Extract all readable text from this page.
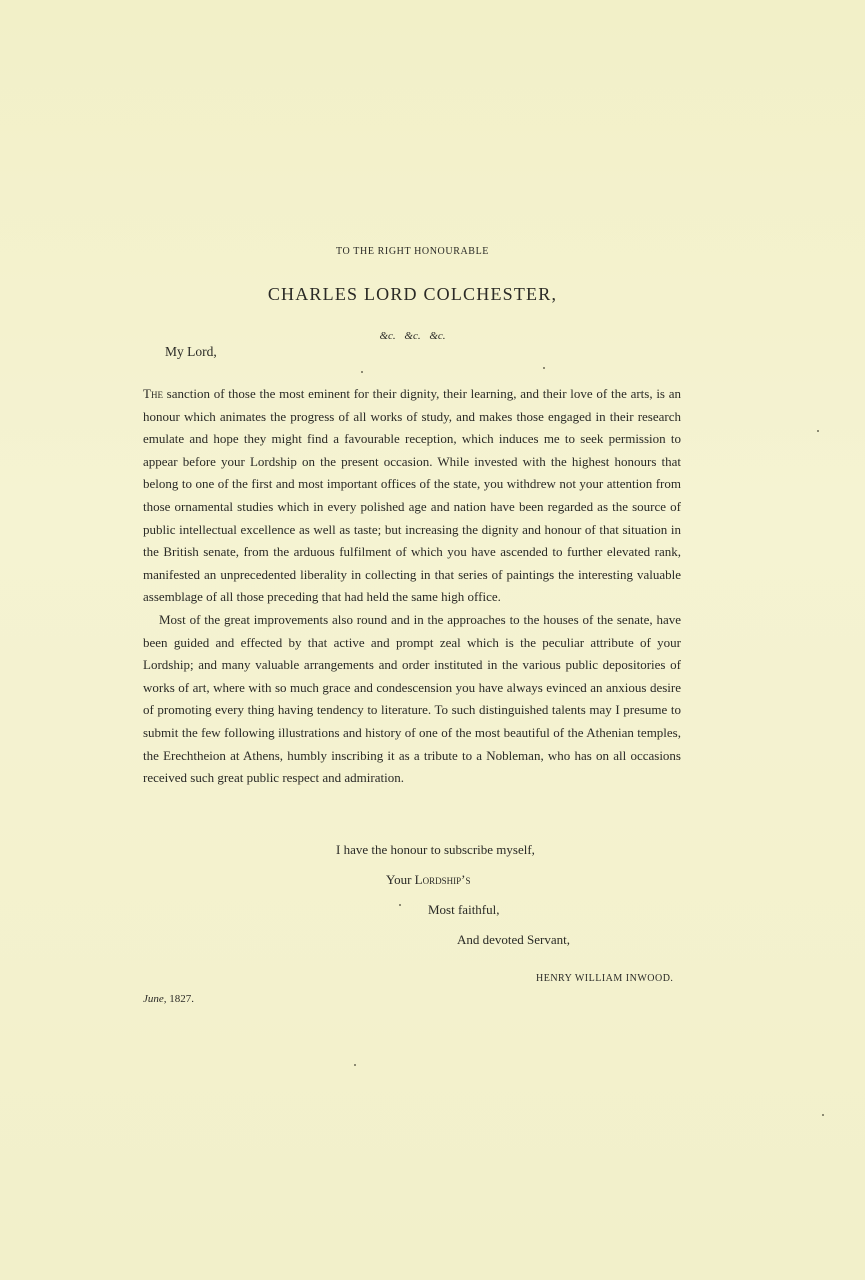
TO THE RIGHT HONOURABLE
CHARLES LORD COLCHESTER,
&c. &c. &c.
My Lord,

The sanction of those the most eminent for their dignity, their learning, and their love of the arts, is an honour which animates the progress of all works of study, and makes those engaged in their research emulate and hope they might find a favourable reception, which induces me to seek permission to appear before your Lordship on the present occasion. While invested with the highest honours that belong to one of the first and most important offices of the state, you withdrew not your attention from those ornamental studies which in every polished age and nation have been regarded as the source of public intellectual excellence as well as taste; but increasing the dignity and honour of that situation in the British senate, from the arduous fulfilment of which you have ascended to further elevated rank, manifested an unprecedented liberality in collecting in that series of paintings the interesting valuable assemblage of all those preceding that had held the same high office.

Most of the great improvements also round and in the approaches to the houses of the senate, have been guided and effected by that active and prompt zeal which is the peculiar attribute of your Lordship; and many valuable arrangements and order instituted in the various public depositories of works of art, where with so much grace and condescension you have always evinced an anxious desire of promoting every thing having tendency to literature. To such distinguished talents may I presume to submit the few following illustrations and history of one of the most beautiful of the Athenian temples, the Erechtheion at Athens, humbly inscribing it as a tribute to a Nobleman, who has on all occasions received such great public respect and admiration.

I have the honour to subscribe myself,
Your Lordship’s
Most faithful,
And devoted Servant,
HENRY WILLIAM INWOOD.
June, 1827.
